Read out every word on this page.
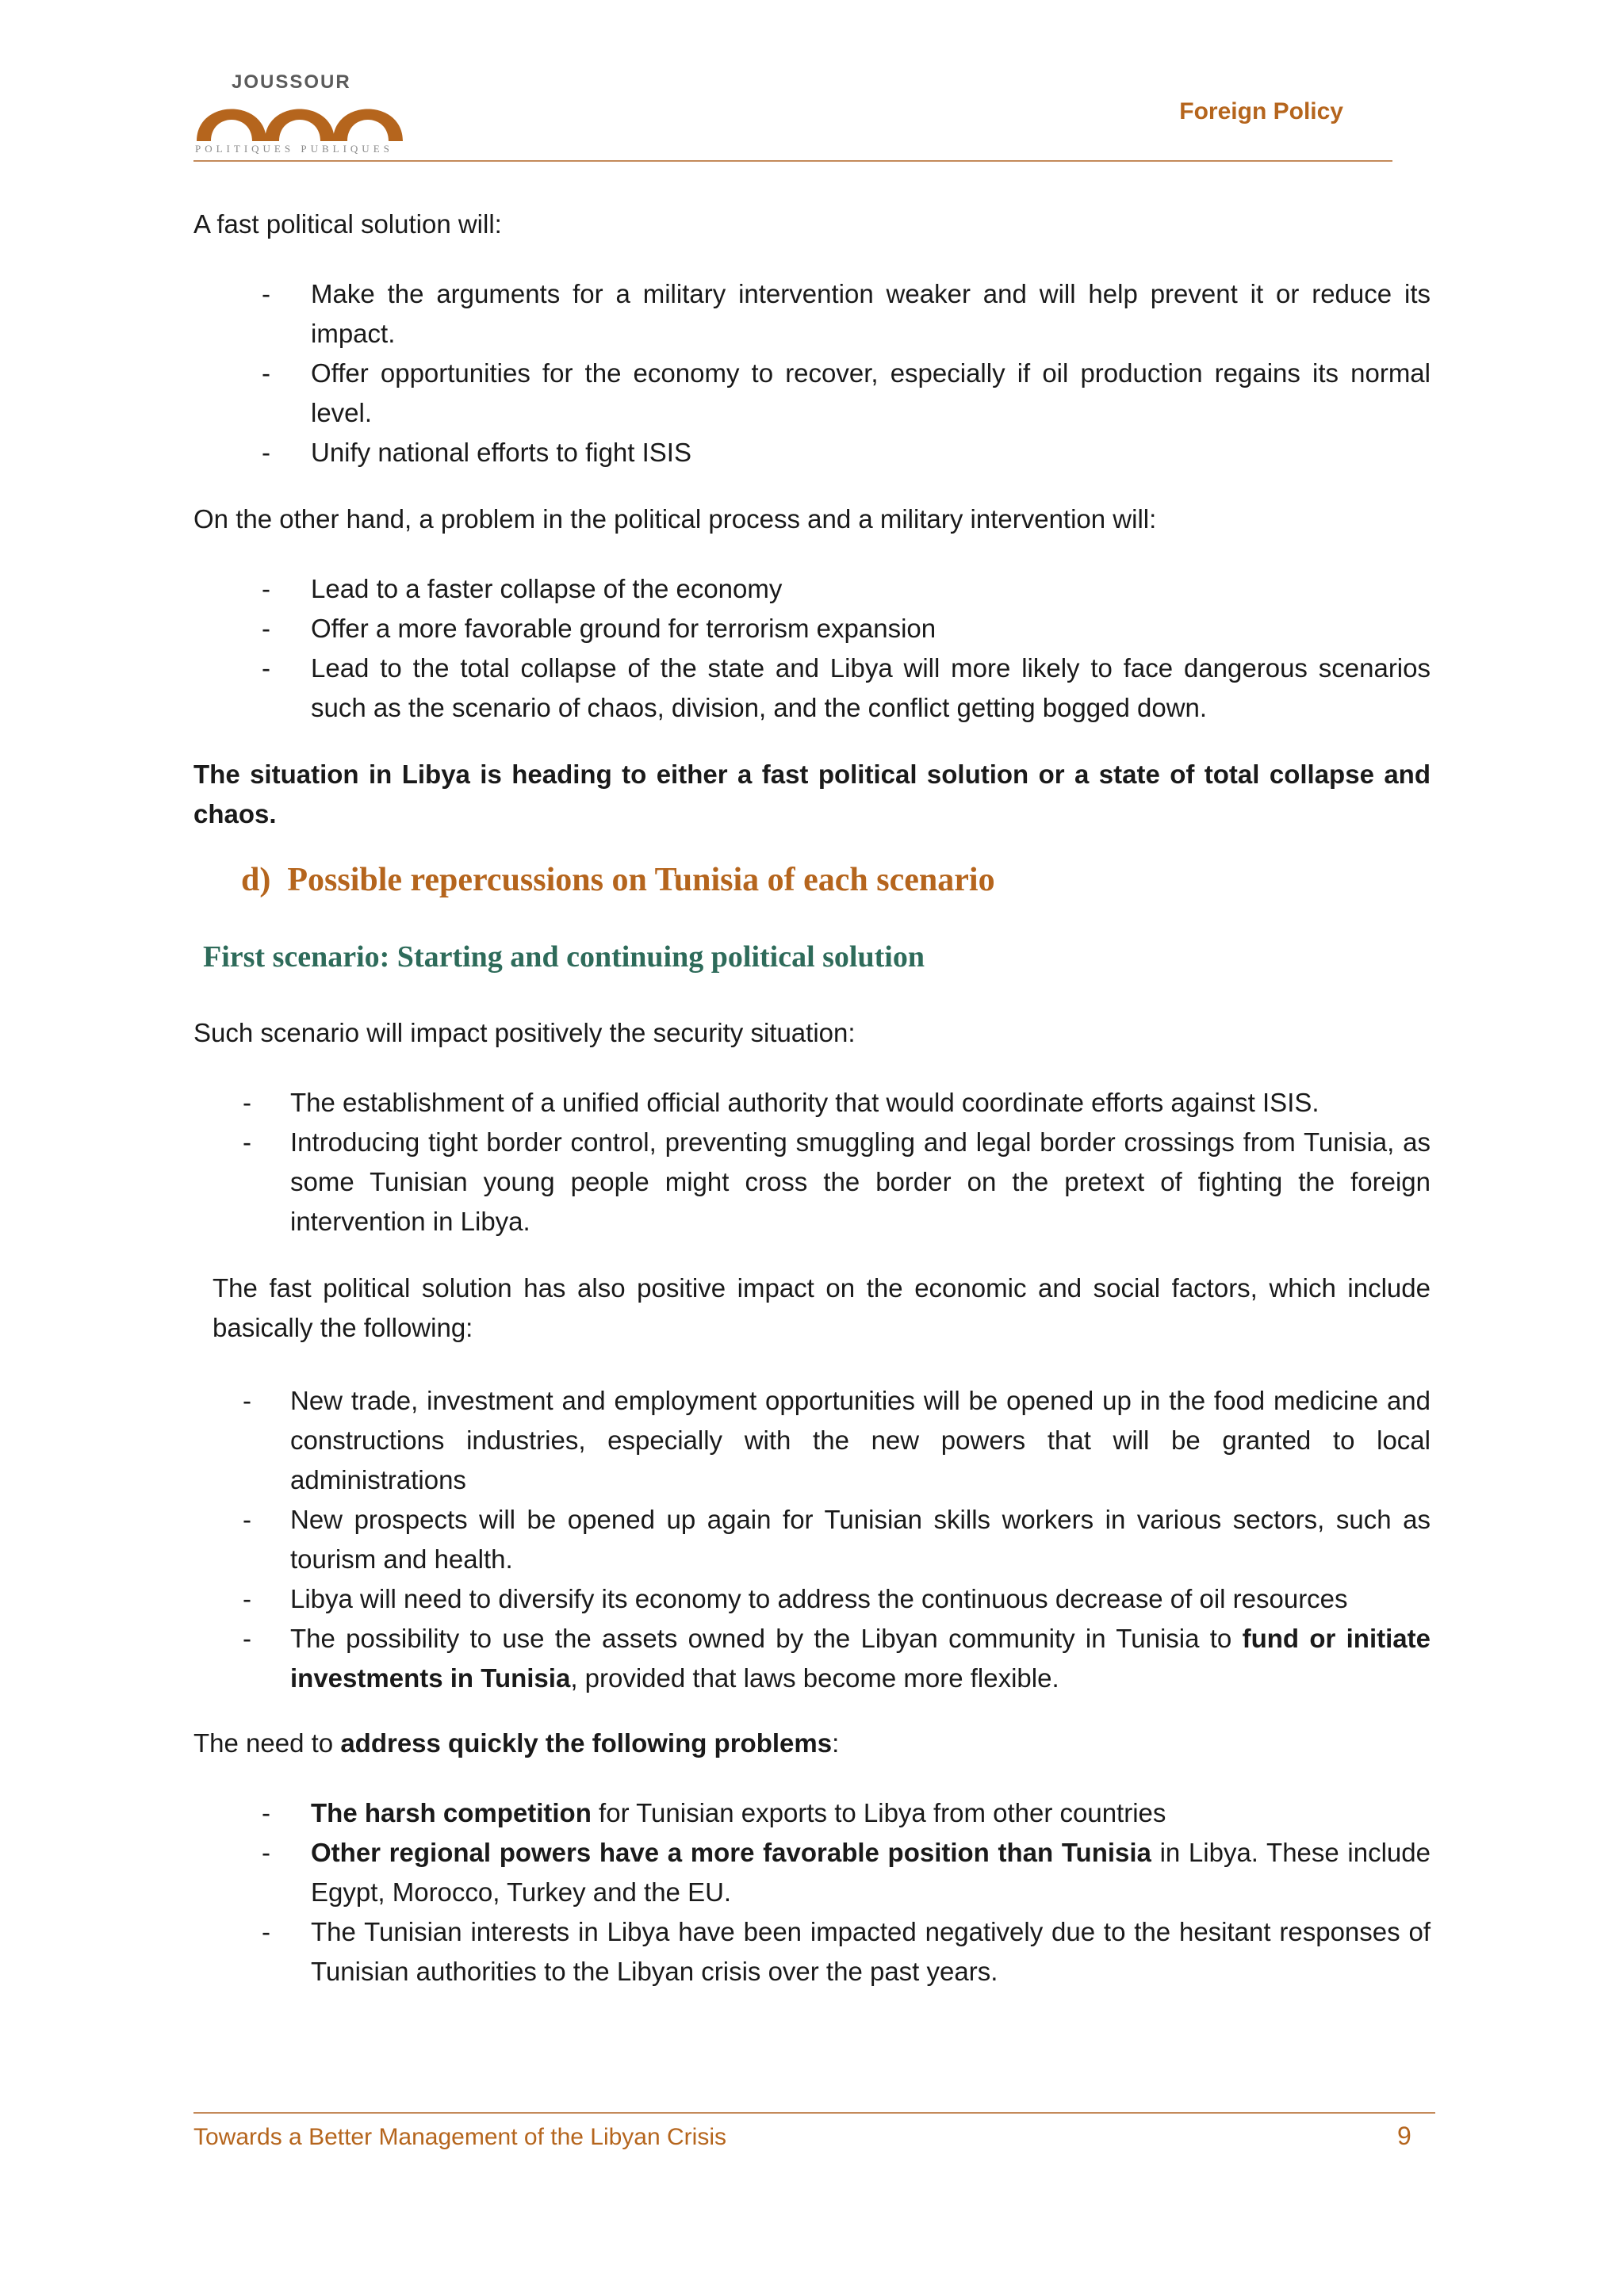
JOUSSOUR
POLITIQUES PUBLIQUES
Foreign Policy

A fast political solution will:

- Make the arguments for a military intervention weaker and will help prevent it or reduce its impact.

- Offer opportunities for the economy to recover, especially if oil production regains its normal level.

- Unify national efforts to fight ISIS

On the other hand, a problem in the political process and a military intervention will:

- Lead to a faster collapse of the economy

- Offer a more favorable ground for terrorism expansion

- Lead to the total collapse of the state and Libya will more likely to face dangerous scenarios such as the scenario of chaos, division, and the conflict getting bogged down.

The situation in Libya is heading to either a fast political solution or a state of total collapse and chaos.

d)  Possible repercussions on Tunisia of each scenario
First scenario: Starting and continuing political solution

Such scenario will impact positively the security situation:

- The establishment of a unified official authority that would coordinate efforts against ISIS.

- Introducing tight border control, preventing smuggling and legal border crossings from Tunisia, as some Tunisian young people might cross the border on the pretext of fighting the foreign intervention in Libya.

The fast political solution has also positive impact on the economic and social factors, which include basically the following:

- New trade, investment and employment opportunities will be opened up in the food medicine and constructions industries, especially with the new powers that will be granted to local administrations

- New prospects will be opened up again for Tunisian skills workers in various sectors, such as tourism and health.

- Libya will need to diversify its economy to address the continuous decrease of oil resources

- The possibility to use the assets owned by the Libyan community in Tunisia to fund or initiate investments in Tunisia, provided that laws become more flexible.

The need to address quickly the following problems:

- The harsh competition for Tunisian exports to Libya from other countries

- Other regional powers have a more favorable position than Tunisia in Libya. These include Egypt, Morocco, Turkey and the EU.

- The Tunisian interests in Libya have been impacted negatively due to the hesitant responses of Tunisian authorities to the Libyan crisis over the past years.

Towards a Better Management of the Libyan Crisis	9
